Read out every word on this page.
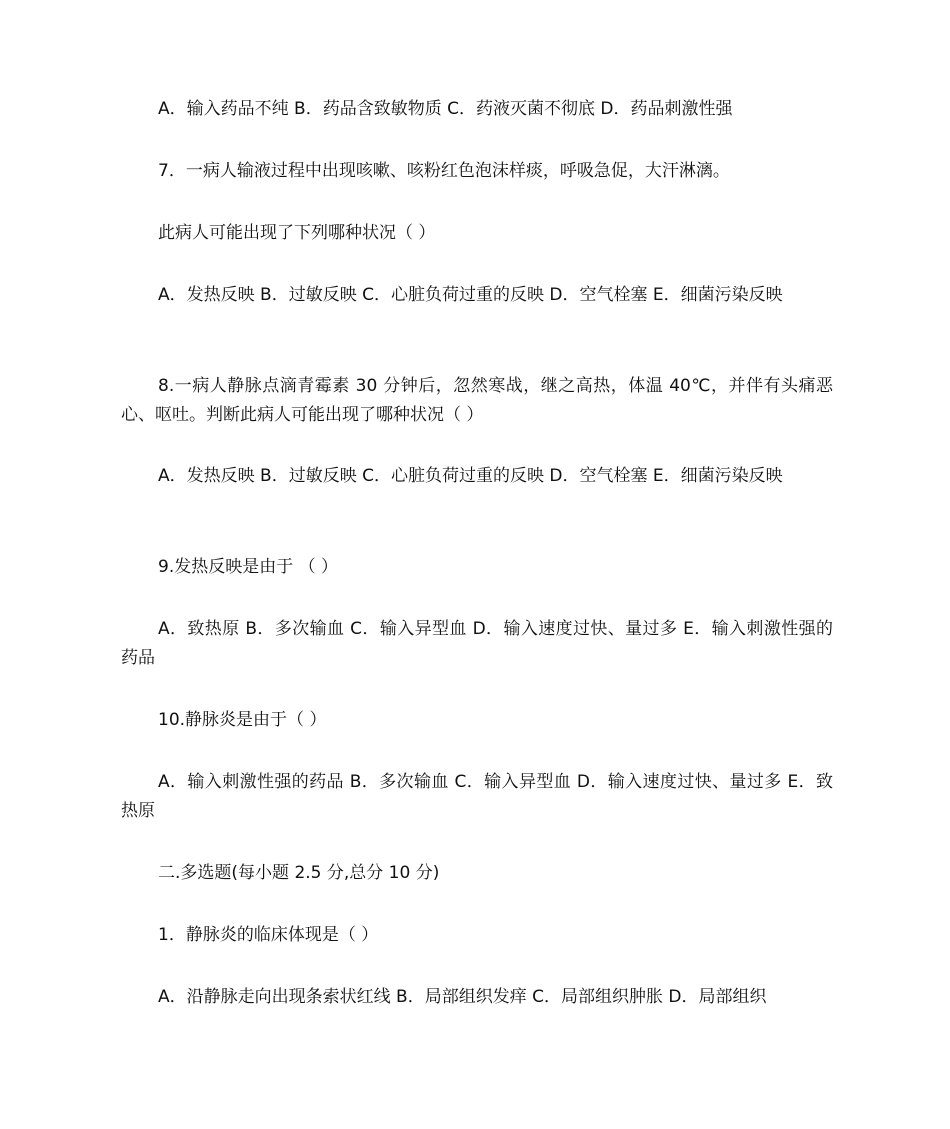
A．输入药品不纯 B．药品含致敏物质 C．药液灭菌不彻底 D．药品刺激性强

7．一病人输液过程中出现咳嗽、咳粉红色泡沫样痰，呼吸急促，大汗淋漓。

此病人可能出现了下列哪种状况（ ）

A．发热反映 B．过敏反映 C．心脏负荷过重的反映 D．空气栓塞 E．细菌污染反映

8.一病人静脉点滴青霉素 30 分钟后，忽然寒战，继之高热，体温 40℃，并伴有头痛恶心、呕吐。判断此病人可能出现了哪种状况（ ）

A．发热反映 B．过敏反映 C．心脏负荷过重的反映 D．空气栓塞 E．细菌污染反映

9.发热反映是由于 （ ）

A．致热原 B．多次输血 C．输入异型血 D．输入速度过快、量过多 E．输入刺激性强的药品

10.静脉炎是由于（ ）

A．输入刺激性强的药品 B．多次输血 C．输入异型血 D．输入速度过快、量过多 E．致热原

二.多选题(每小题 2.5 分,总分 10 分)

1．静脉炎的临床体现是（ ）

A．沿静脉走向出现条索状红线 B．局部组织发痒 C．局部组织肿胀 D．局部组织
